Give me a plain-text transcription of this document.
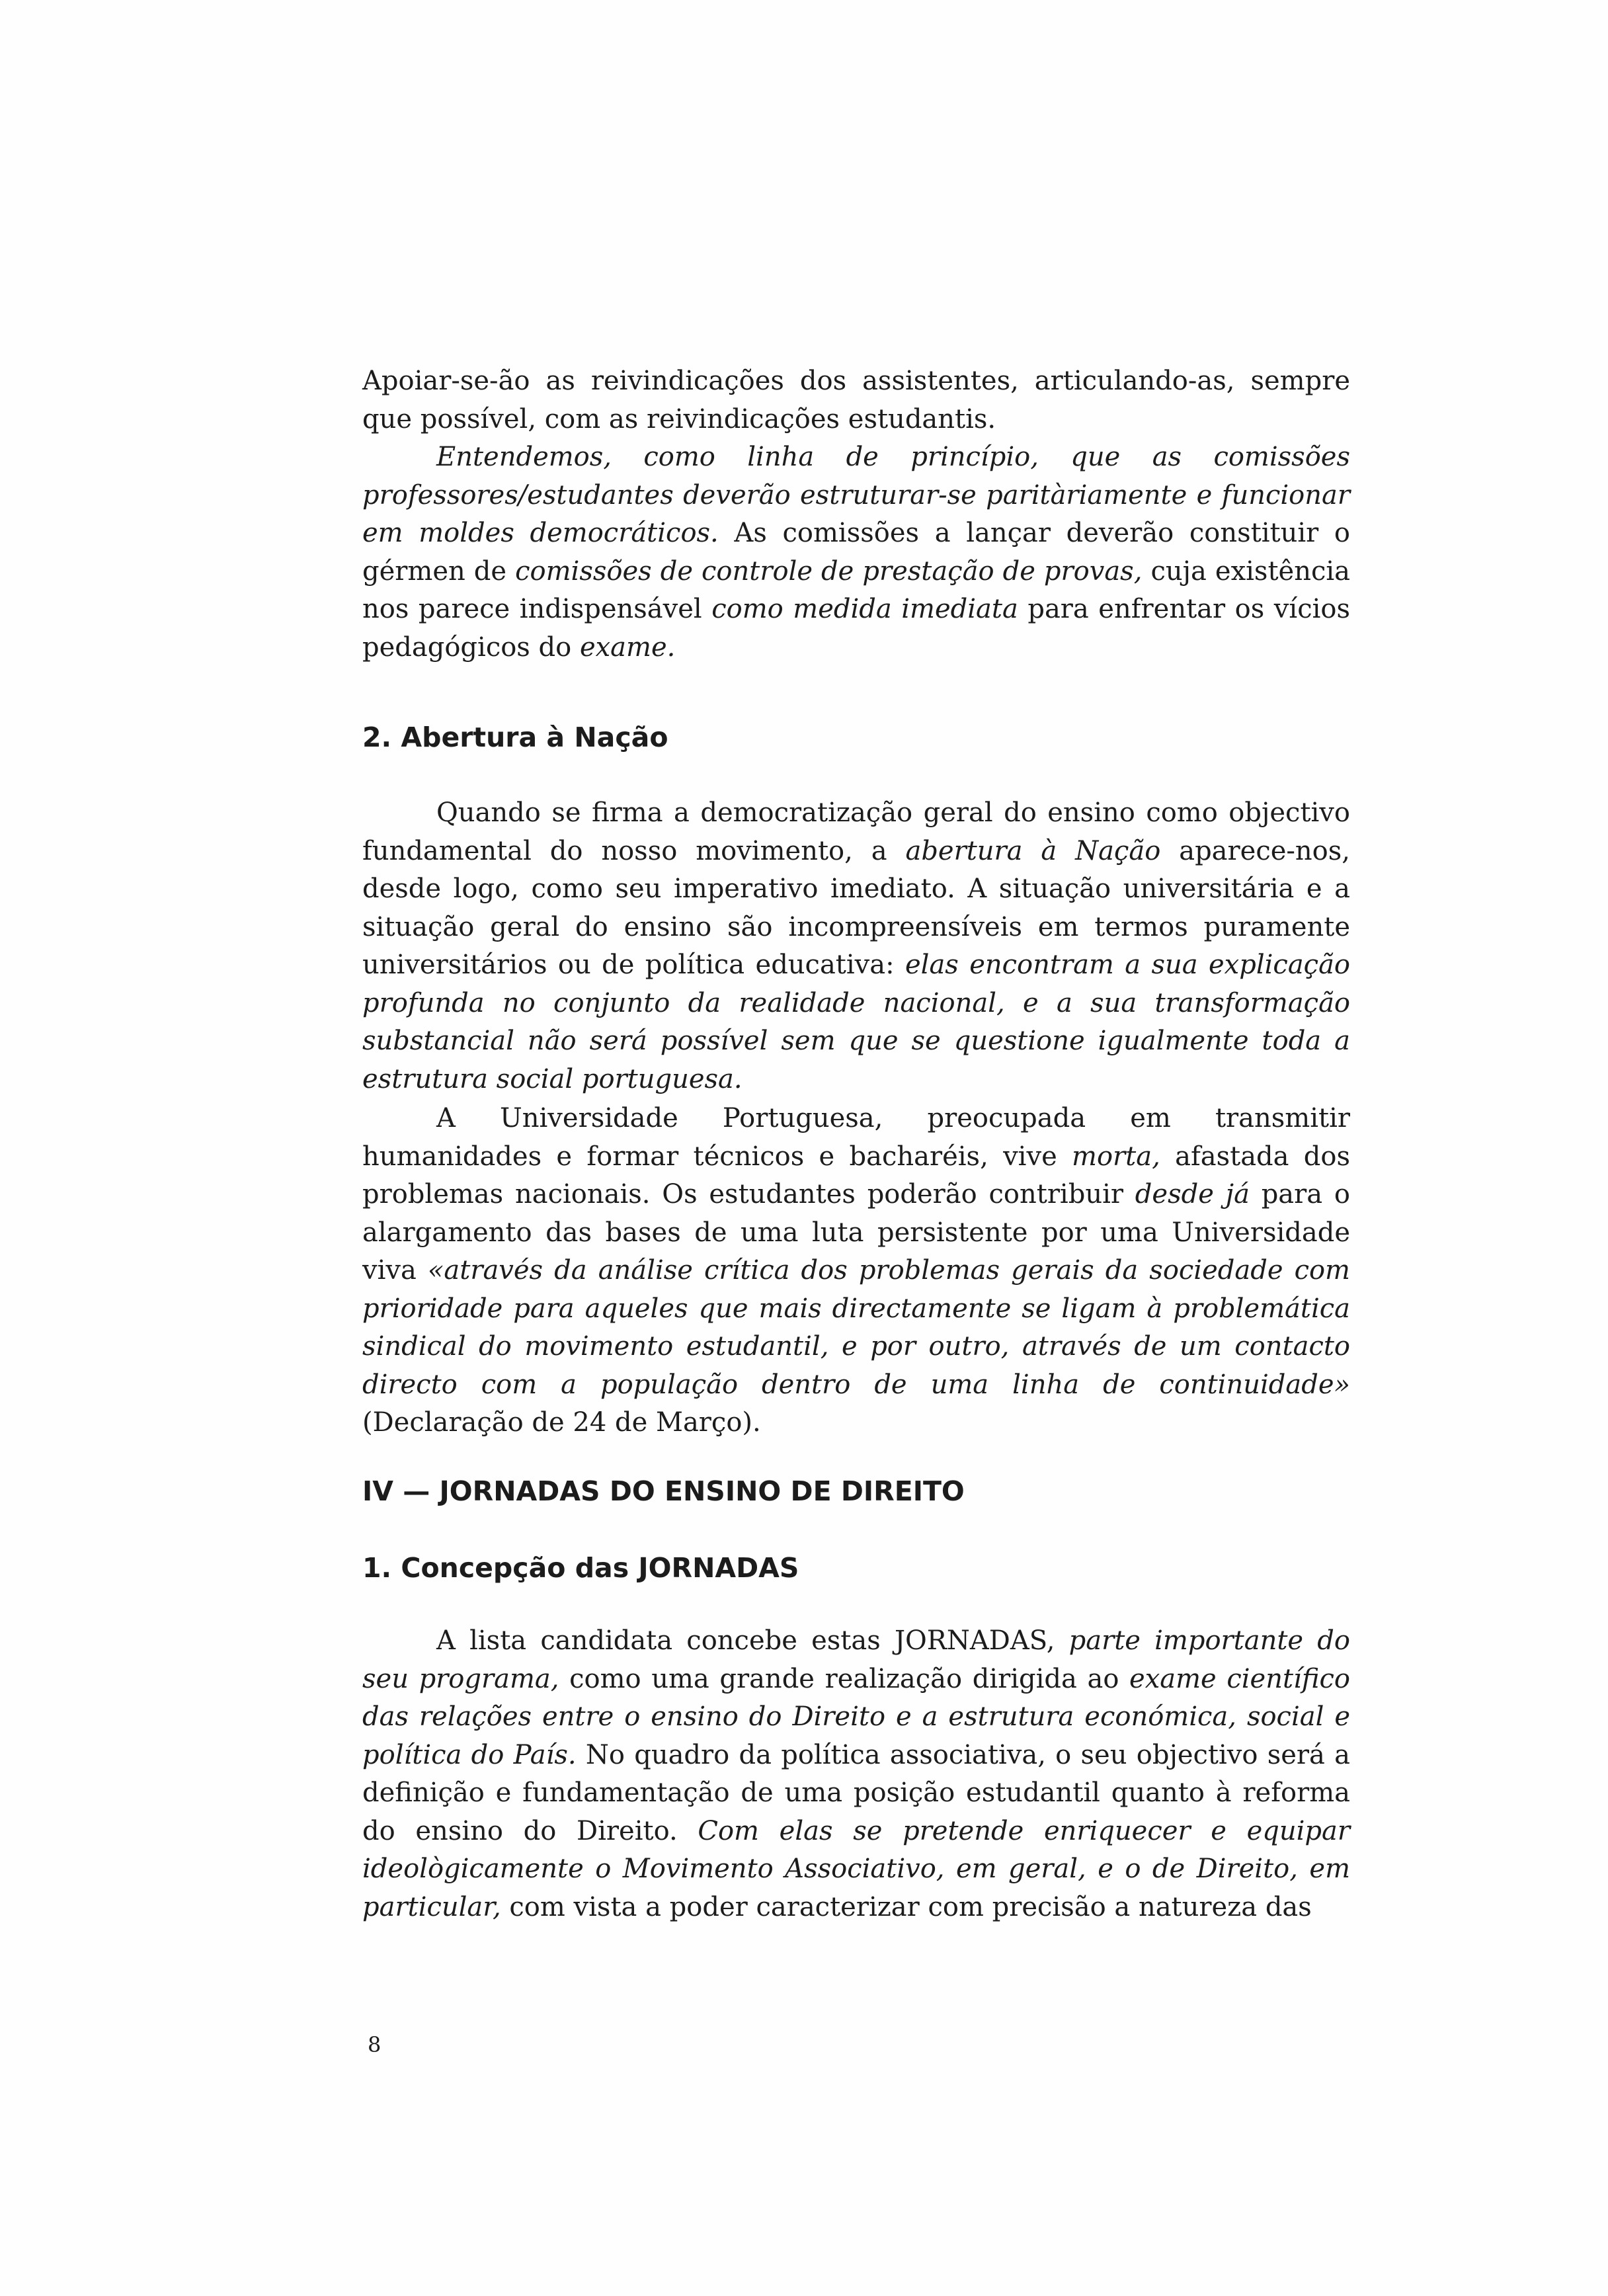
Apoiar-se-ão as reivindicações dos assistentes, articulando-as, sempre que possível, com as reivindicações estudantis.

Entendemos, como linha de princípio, que as comissões professores/estudantes deverão estruturar-se paritàriamente e funcionar em moldes democráticos. As comissões a lançar deverão constituir o gérmen de comissões de controle de prestação de provas, cuja existência nos parece indispensável como medida imediata para enfrentar os vícios pedagógicos do exame.

2. Abertura à Nação

Quando se firma a democratização geral do ensino como objectivo fundamental do nosso movimento, a abertura à Nação aparece-nos, desde logo, como seu imperativo imediato. A situação universitária e a situação geral do ensino são incompreensíveis em termos puramente universitários ou de política educativa: elas encontram a sua explicação profunda no conjunto da realidade nacional, e a sua transformação substancial não será possível sem que se questione igualmente toda a estrutura social portuguesa.

A Universidade Portuguesa, preocupada em transmitir humanidades e formar técnicos e bacharéis, vive morta, afastada dos problemas nacionais. Os estudantes poderão contribuir desde já para o alargamento das bases de uma luta persistente por uma Universidade viva «através da análise crítica dos problemas gerais da sociedade com prioridade para aqueles que mais directamente se ligam à problemática sindical do movimento estudantil, e por outro, através de um contacto directo com a população dentro de uma linha de continuidade» (Declaração de 24 de Março).

IV — JORNADAS DO ENSINO DE DIREITO
1. Concepção das JORNADAS

A lista candidata concebe estas JORNADAS, parte importante do seu programa, como uma grande realização dirigida ao exame científico das relações entre o ensino do Direito e a estrutura económica, social e política do País. No quadro da política associativa, o seu objectivo será a definição e fundamentação de uma posição estudantil quanto à reforma do ensino do Direito. Com elas se pretende enriquecer e equipar ideològicamente o Movimento Associativo, em geral, e o de Direito, em particular, com vista a poder caracterizar com precisão a natureza das

8
